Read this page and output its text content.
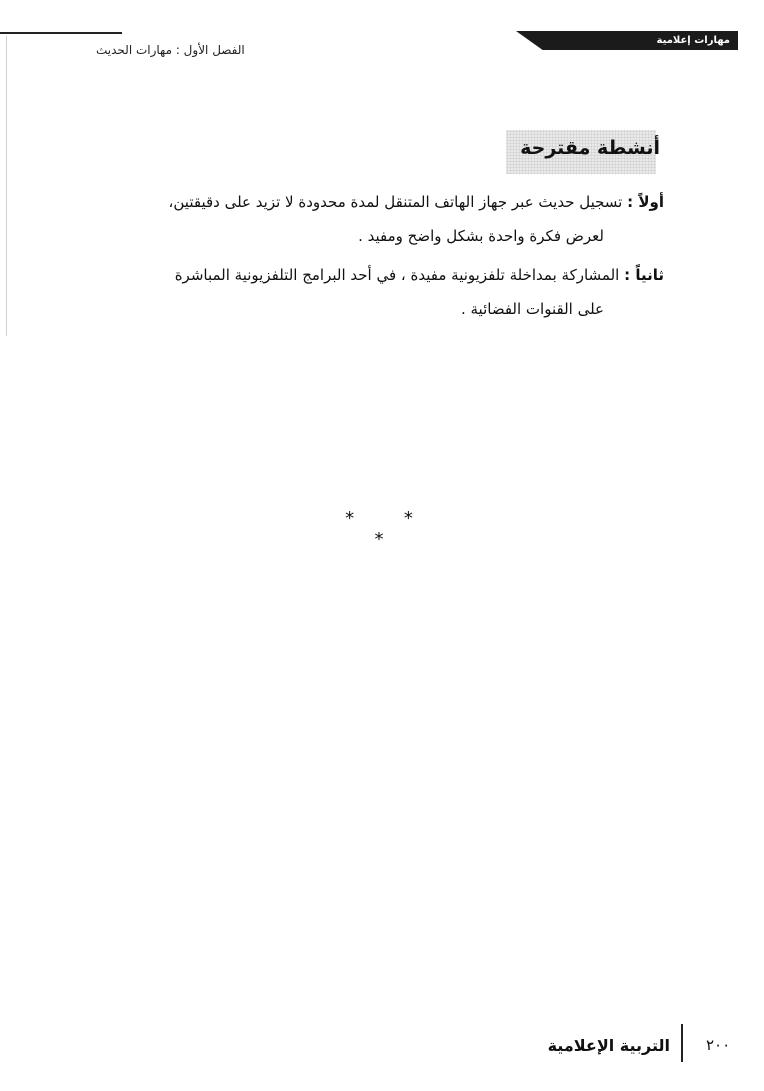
مهارات إعلامية
الفصل الأول : مهارات الحديث
أنشطة مقترحة
أولاً : تسجيل حديث عبر جهاز الهاتف المتنقل لمدة محدودة لا تزيد على دقيقتين،
لعرض فكرة واحدة بشكل واضح ومفيد .
ثانياً : المشاركة بمداخلة تلفزيونية مفيدة ، في أحد البرامج التلفزيونية المباشرة
على القنوات الفضائية .
* * *
التربية الإعلامية ٢٠٠
